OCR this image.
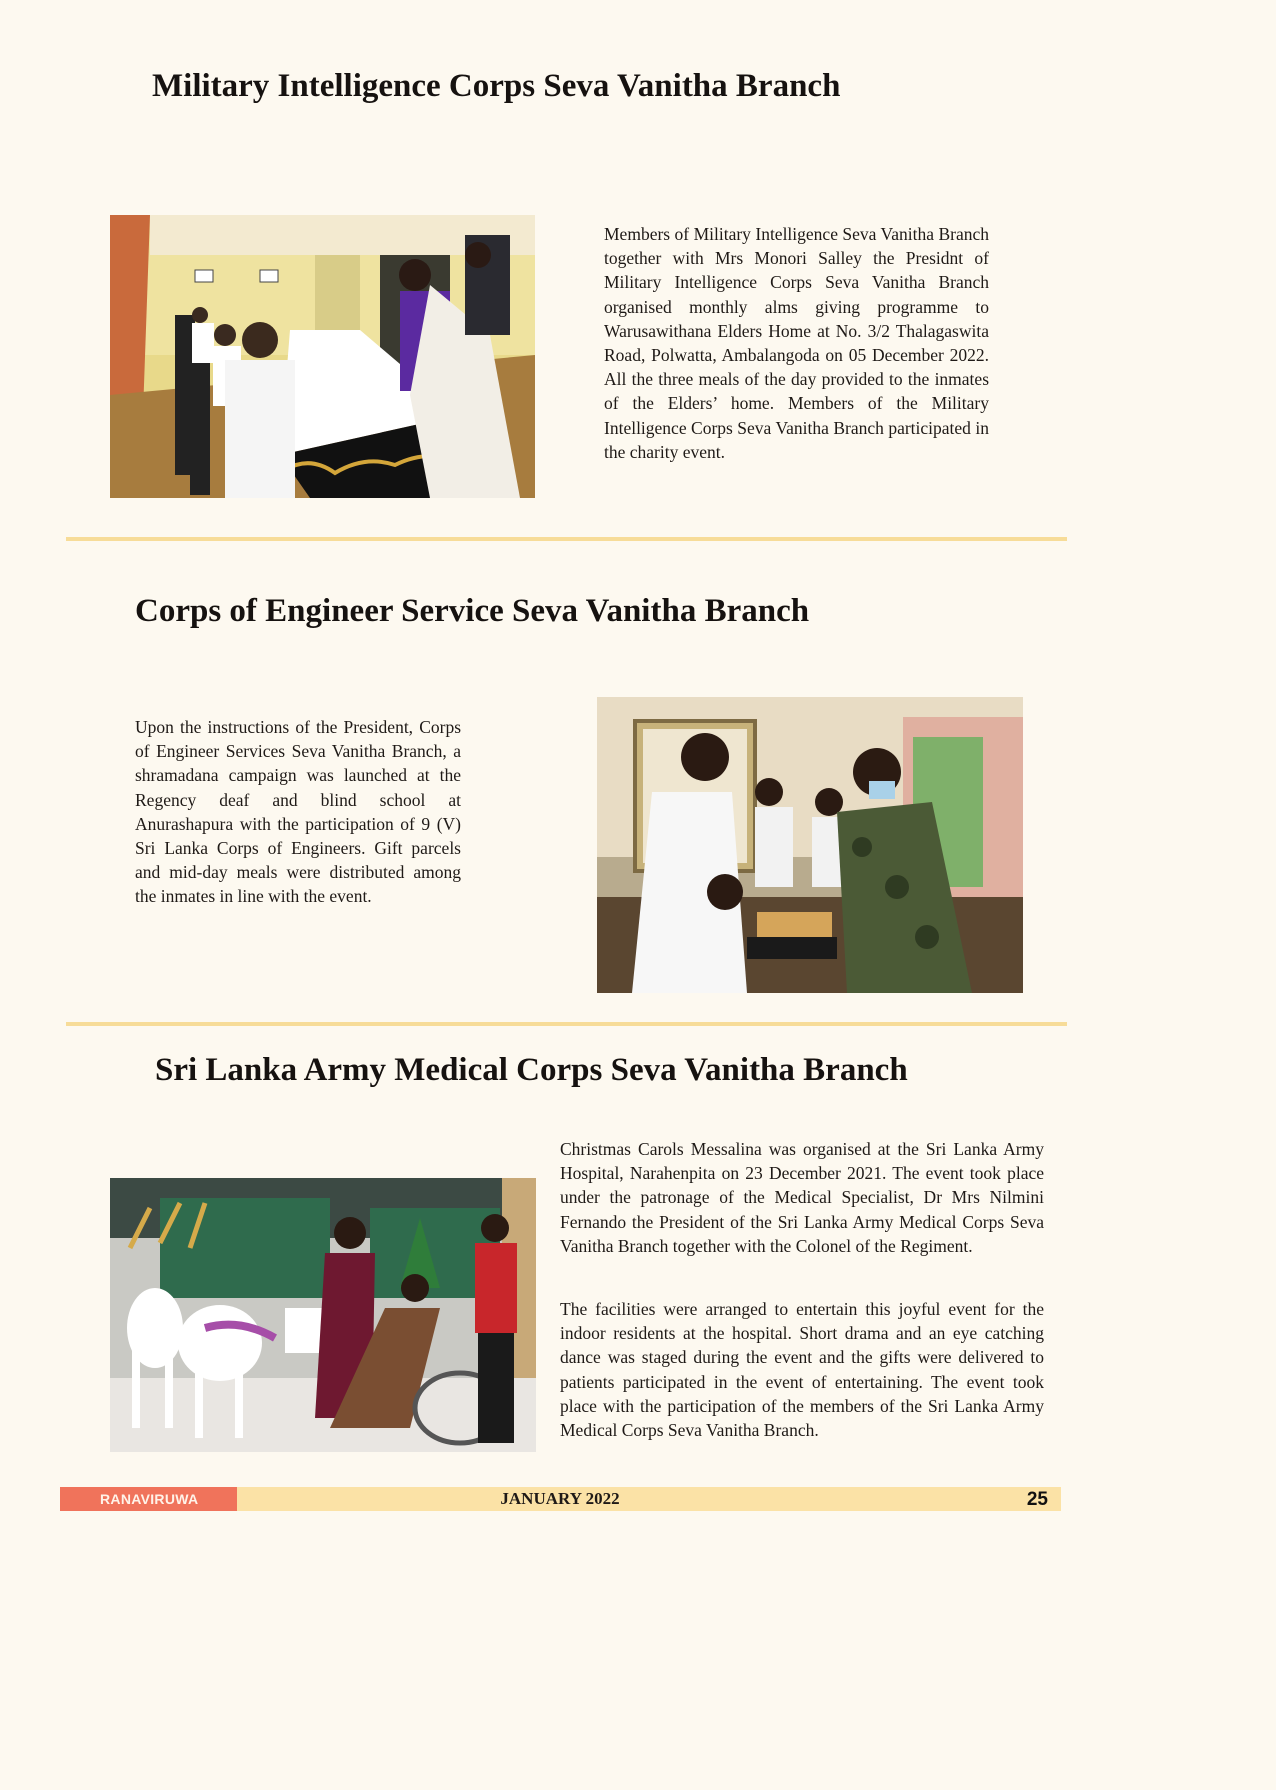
Military Intelligence Corps Seva Vanitha Branch

Members of Military Intelligence Seva Vanitha Branch together with Mrs Monori Salley the Presidnt of Military Intelligence Corps Seva Vanitha Branch organised monthly alms giving programme to Warusawithana Elders Home at No. 3/2 Thalagaswita Road, Polwatta, Ambalangoda on 05 December 2022. All the three meals of the day provided to the inmates of the Elders’ home. Members of the Military Intelligence Corps Seva Vanitha Branch participated in the charity event.

Corps of Engineer Service Seva Vanitha Branch

Upon the instructions of the President, Corps of Engineer Services Seva Vanitha Branch, a shramadana campaign was launched at the Regency deaf and blind school at Anurashapura with the participation of 9 (V) Sri Lanka Corps of Engineers. Gift parcels and mid-day meals were distributed among the inmates in line with the event.

Sri Lanka Army Medical Corps Seva Vanitha Branch

Christmas Carols Messalina was organised at the Sri Lanka Army Hospital, Narahenpita on 23 December 2021. The event took place under the patronage of the Medical Specialist, Dr Mrs Nilmini Fernando the President of the Sri Lanka Army Medical Corps Seva Vanitha Branch together with the Colonel of the Regiment.

The facilities were arranged to entertain this joyful event for the indoor residents at the hospital. Short drama and an eye catching dance was staged during the event and the gifts were delivered to patients participated in the event of entertaining. The event took place with the participation of the members of the Sri Lanka Army Medical Corps Seva Vanitha Branch.

RANAVIRUWA	JANUARY 2022	25
